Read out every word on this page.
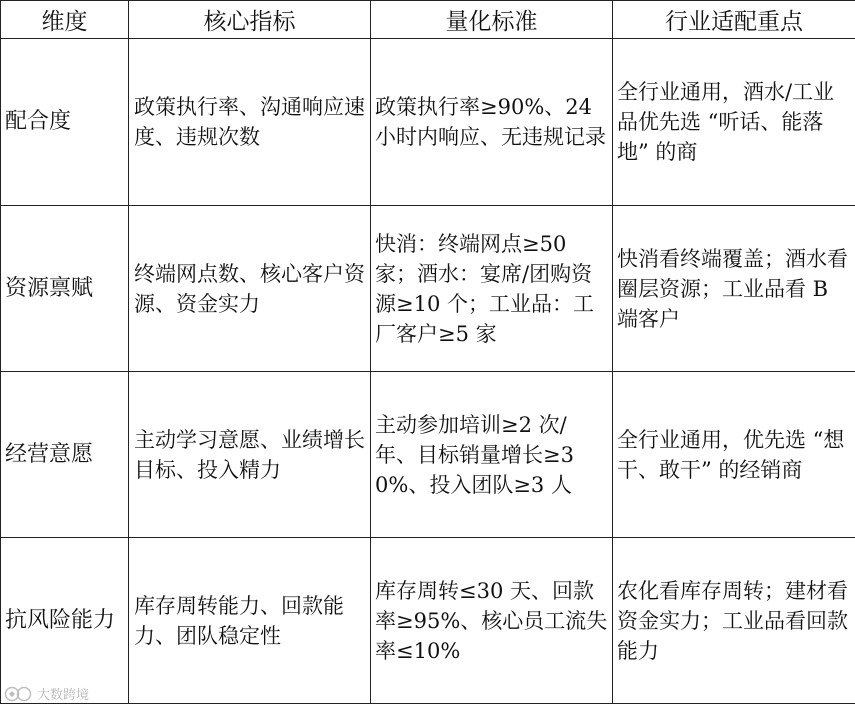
维度	核心指标	量化标准	行业适配重点
配合度	政策执行率、沟通响应速度、违规次数	政策执行率≥90%、24 小时内响应、无违规记录	全行业通用，酒水/工业品优先选 “听话、能落地” 的商
资源禀赋	终端网点数、核心客户资源、资金实力	快消：终端网点≥50 家；酒水：宴席/团购资源≥10 个；工业品：工厂客户≥5 家	快消看终端覆盖；酒水看圈层资源；工业品看 B 端客户
经营意愿	主动学习意愿、业绩增长目标、投入精力	主动参加培训≥2 次/年、目标销量增长≥30%、投入团队≥3 人	全行业通用，优先选 “想干、敢干” 的经销商
抗风险能力	库存周转能力、回款能力、团队稳定性	库存周转≤30 天、回款率≥95%、核心员工流失率≤10%	农化看库存周转；建材看资金实力；工业品看回款能力
大数跨境
